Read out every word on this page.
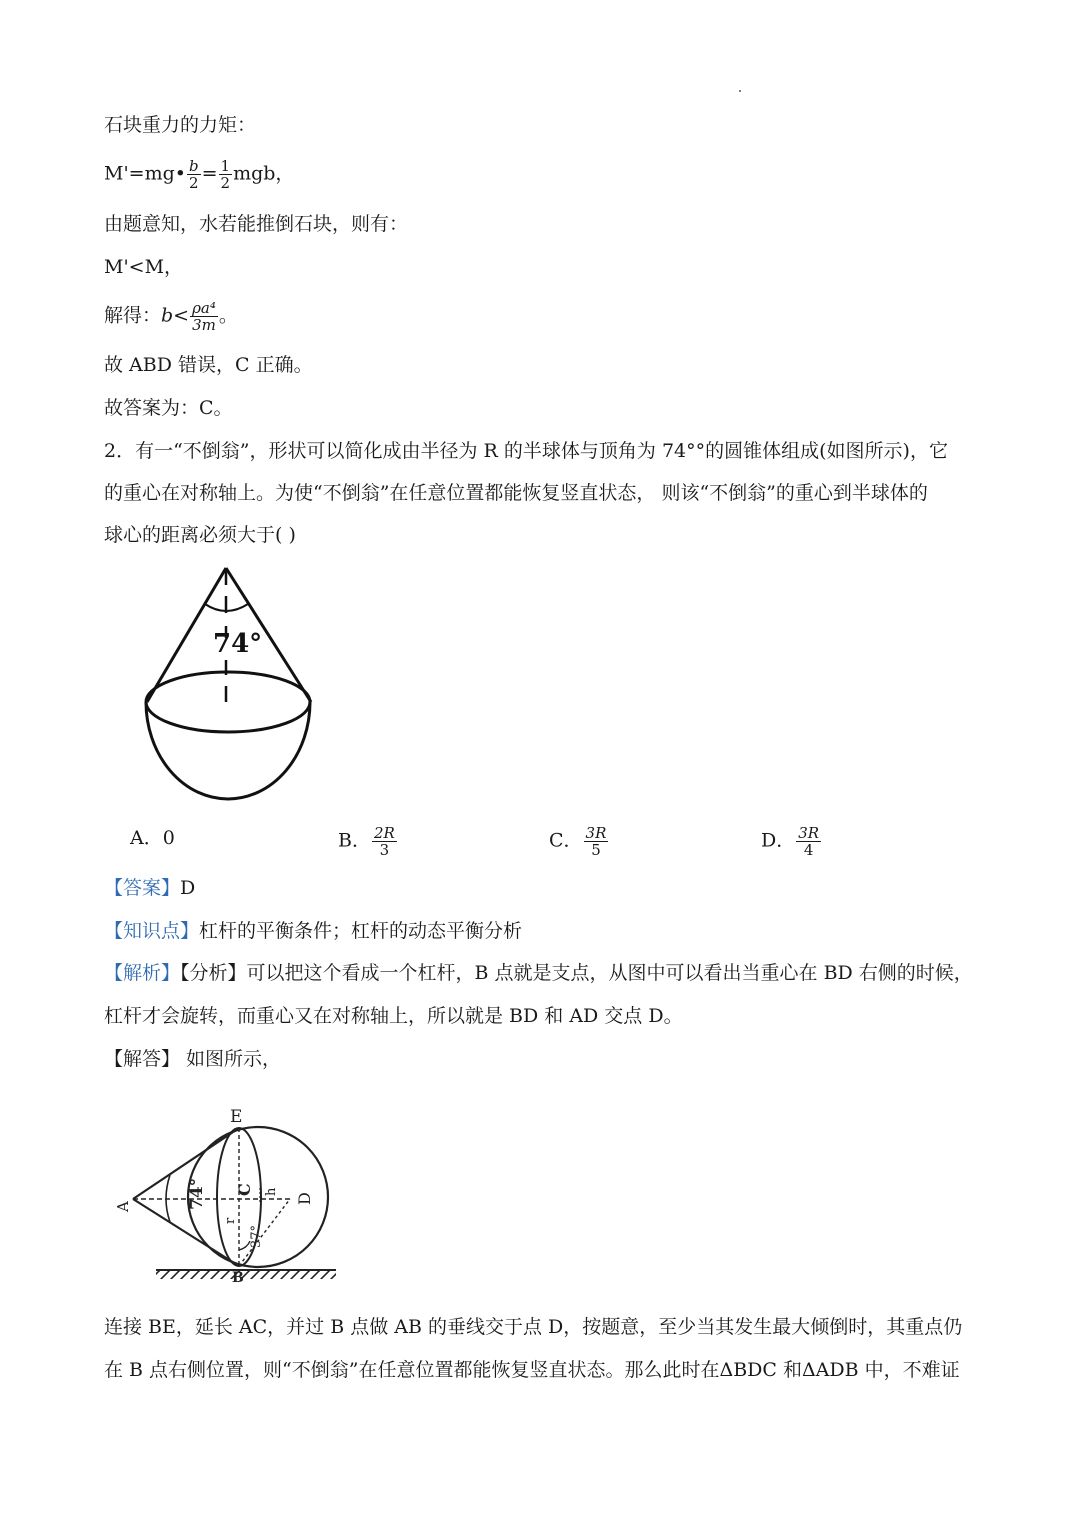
石块重力的力矩：
M'=mg• $\frac{b}{2} = \frac{1}{2}$ mgb，
由题意知，水若能推倒石块，则有：
M'<M，
解得：$b< \frac{\text{ρa⁴}}{3m}$ 。
故 ABD 错误，C 正确。
故答案为：C。
2．有一“不倒翁”，形状可以简化成由半径为 R 的半球体与顶角为 74°°的圆锥体组成(如图所示)，它
的重心在对称轴上。为使“不倒翁”在任意位置都能恢复竖直状态， 则该“不倒翁”的重心到半球体的
球心的距离必须大于( )
74°
A．0	B． $\frac{2R}{3}$	C． $\frac{3R}{5}$	D． $\frac{3R}{4}$
【答案】D
【知识点】杠杆的平衡条件；杠杆的动态平衡分析
【解析】【分析】可以把这个看成一个杠杆，B 点就是支点，从图中可以看出当重心在 BD 右侧的时候，
杠杆才会旋转，而重心又在对称轴上，所以就是 BD 和 AD 交点 D。
【解答】 如图所示，
E
A
C h
D
r
74°
37°
B
连接 BE，延长 AC，并过 B 点做 AB 的垂线交于点 D，按题意，至少当其发生最大倾倒时，其重点仍
在 B 点右侧位置，则“不倒翁”在任意位置都能恢复竖直状态。那么此时在ΔBDC 和ΔADB 中，不难证
